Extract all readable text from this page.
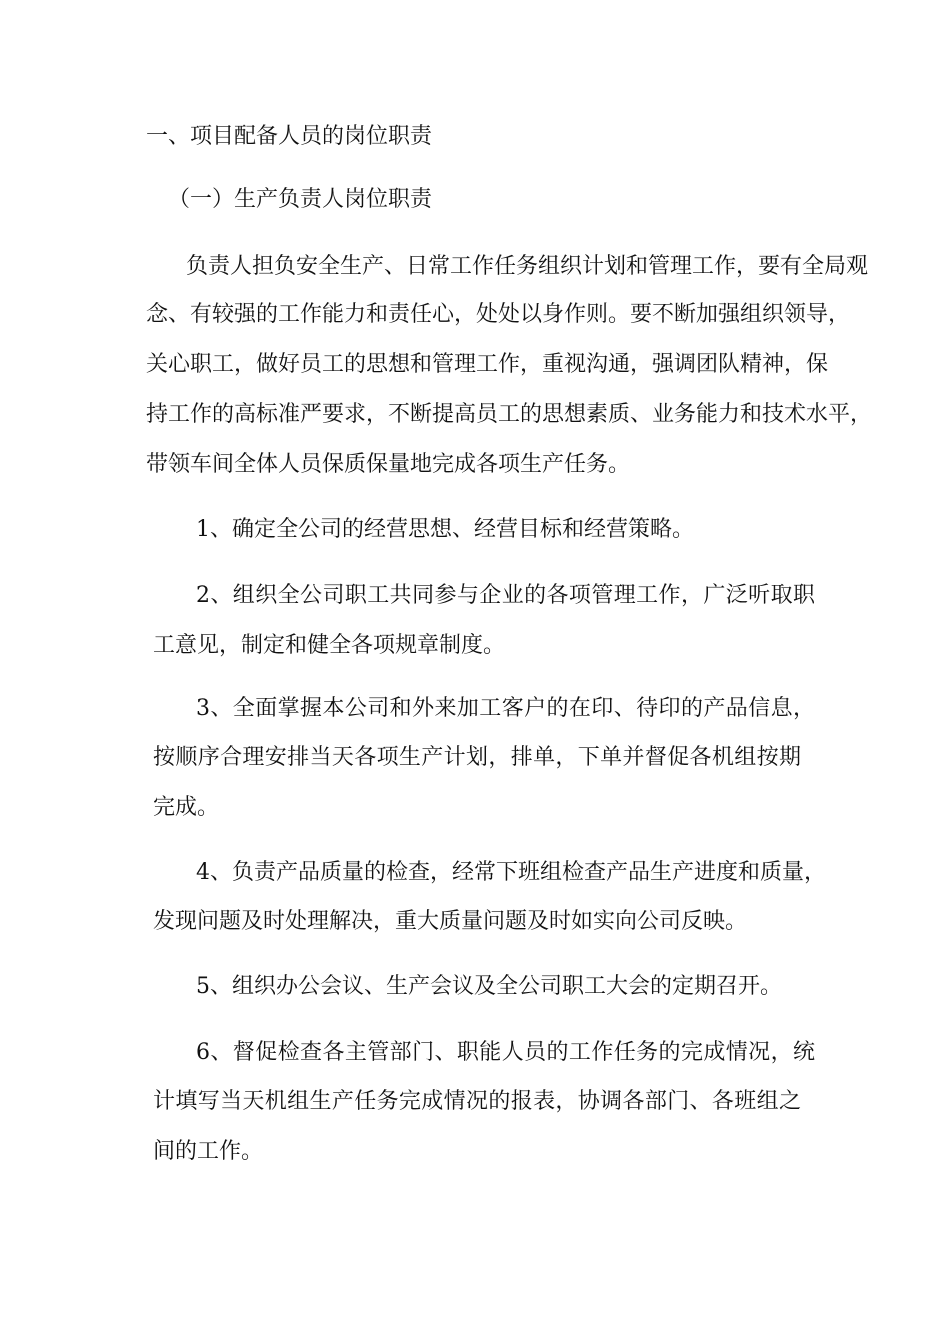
一、项目配备人员的岗位职责
（一）生产负责人岗位职责
负责人担负安全生产、日常工作任务组织计划和管理工作，要有全局观
念、有较强的工作能力和责任心，处处以身作则。要不断加强组织领导，
关心职工，做好员工的思想和管理工作，重视沟通，强调团队精神，保
持工作的高标准严要求，不断提高员工的思想素质、业务能力和技术水平，
带领车间全体人员保质保量地完成各项生产任务。
1、确定全公司的经营思想、经营目标和经营策略。
2、组织全公司职工共同参与企业的各项管理工作，广泛听取职
工意见，制定和健全各项规章制度。
3、全面掌握本公司和外来加工客户的在印、待印的产品信息，
按顺序合理安排当天各项生产计划，排单，下单并督促各机组按期
完成。
4、负责产品质量的检查，经常下班组检查产品生产进度和质量，
发现问题及时处理解决，重大质量问题及时如实向公司反映。
5、组织办公会议、生产会议及全公司职工大会的定期召开。
6、督促检查各主管部门、职能人员的工作任务的完成情况，统
计填写当天机组生产任务完成情况的报表，协调各部门、各班组之
间的工作。
